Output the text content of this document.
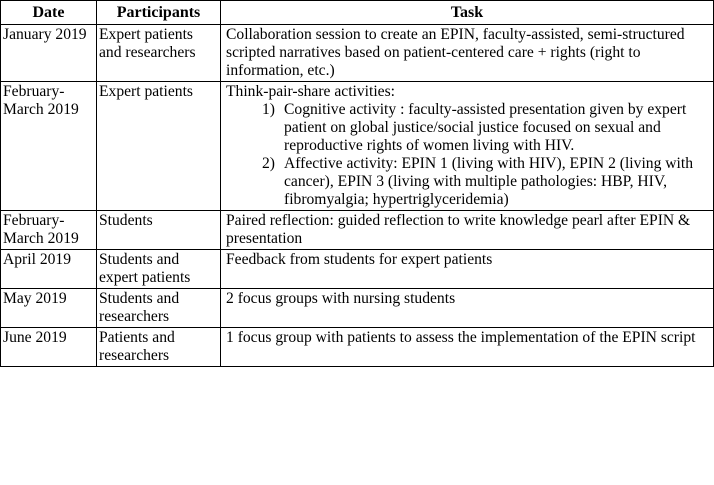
Date	Participants	Task
January 2019	Expert patients and researchers	Collaboration session to create an EPIN, faculty-assisted, semi-structured scripted narratives based on patient-centered care + rights (right to information, etc.)
February-March 2019	Expert patients	Think-pair-share activities:
1) Cognitive activity : faculty-assisted presentation given by expert patient on global justice/social justice focused on sexual and reproductive rights of women living with HIV.
2) Affective activity: EPIN 1 (living with HIV), EPIN 2 (living with cancer), EPIN 3 (living with multiple pathologies: HBP, HIV, fibromyalgia; hypertriglyceridemia)

February-March 2019	Students	Paired reflection: guided reflection to write knowledge pearl after EPIN & presentation
April 2019	Students and expert patients	Feedback from students for expert patients
May 2019	Students and researchers	2 focus groups with nursing students
June 2019	Patients and researchers	1 focus group with patients to assess the implementation of the EPIN script
